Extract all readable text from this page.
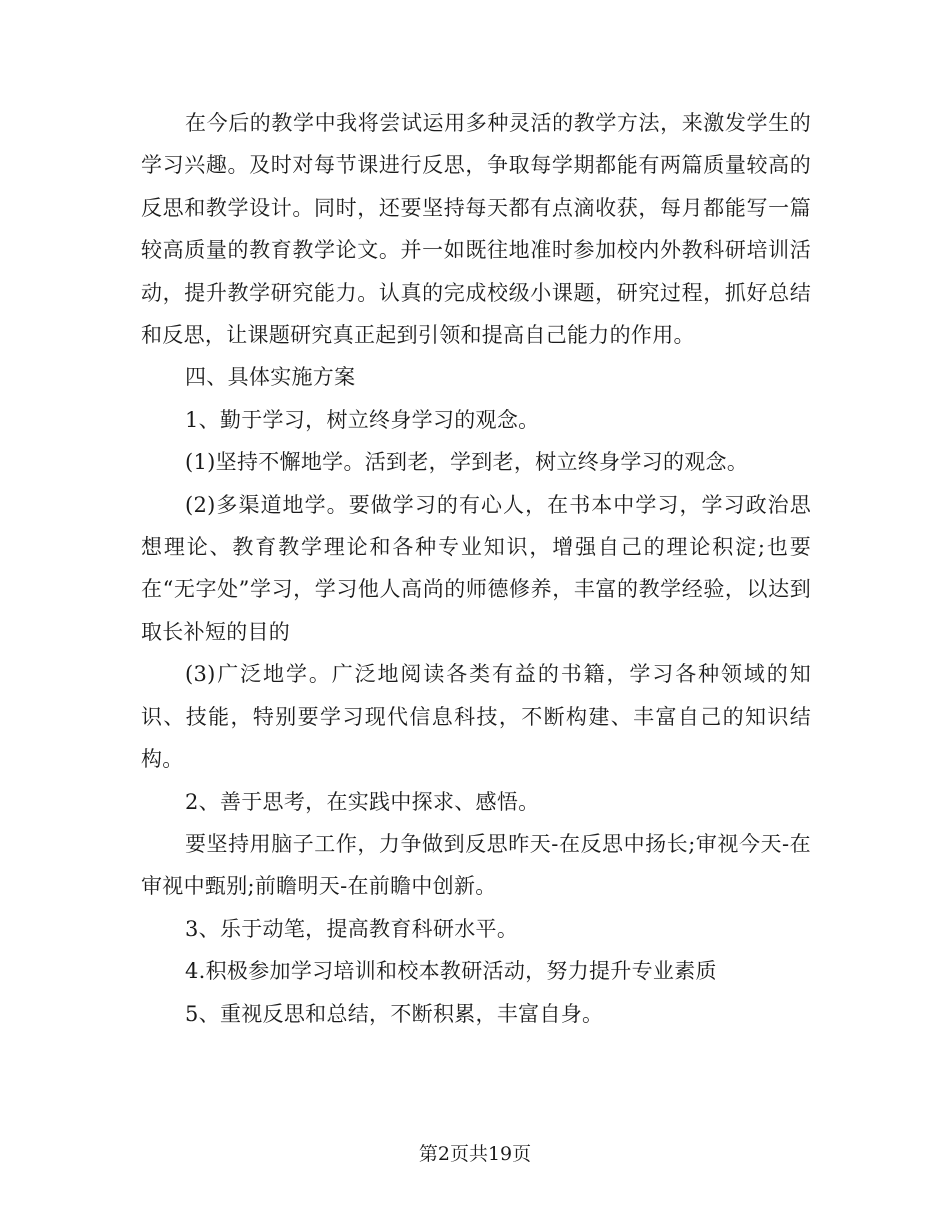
在今后的教学中我将尝试运用多种灵活的教学方法，来激发学生的学习兴趣。及时对每节课进行反思，争取每学期都能有两篇质量较高的反思和教学设计。同时，还要坚持每天都有点滴收获，每月都能写一篇较高质量的教育教学论文。并一如既往地准时参加校内外教科研培训活动，提升教学研究能力。认真的完成校级小课题，研究过程，抓好总结和反思，让课题研究真正起到引领和提高自己能力的作用。

四、具体实施方案

1、勤于学习，树立终身学习的观念。

(1)坚持不懈地学。活到老，学到老，树立终身学习的观念。

(2)多渠道地学。要做学习的有心人，在书本中学习，学习政治思想理论、教育教学理论和各种专业知识，增强自己的理论积淀;也要在“无字处”学习，学习他人高尚的师德修养，丰富的教学经验，以达到取长补短的目的

(3)广泛地学。广泛地阅读各类有益的书籍，学习各种领域的知识、技能，特别要学习现代信息科技，不断构建、丰富自己的知识结构。

2、善于思考，在实践中探求、感悟。

要坚持用脑子工作，力争做到反思昨天-在反思中扬长;审视今天-在审视中甄别;前瞻明天-在前瞻中创新。

3、乐于动笔，提高教育科研水平。

4.积极参加学习培训和校本教研活动，努力提升专业素质

5、重视反思和总结，不断积累，丰富自身。

第2页共19页
